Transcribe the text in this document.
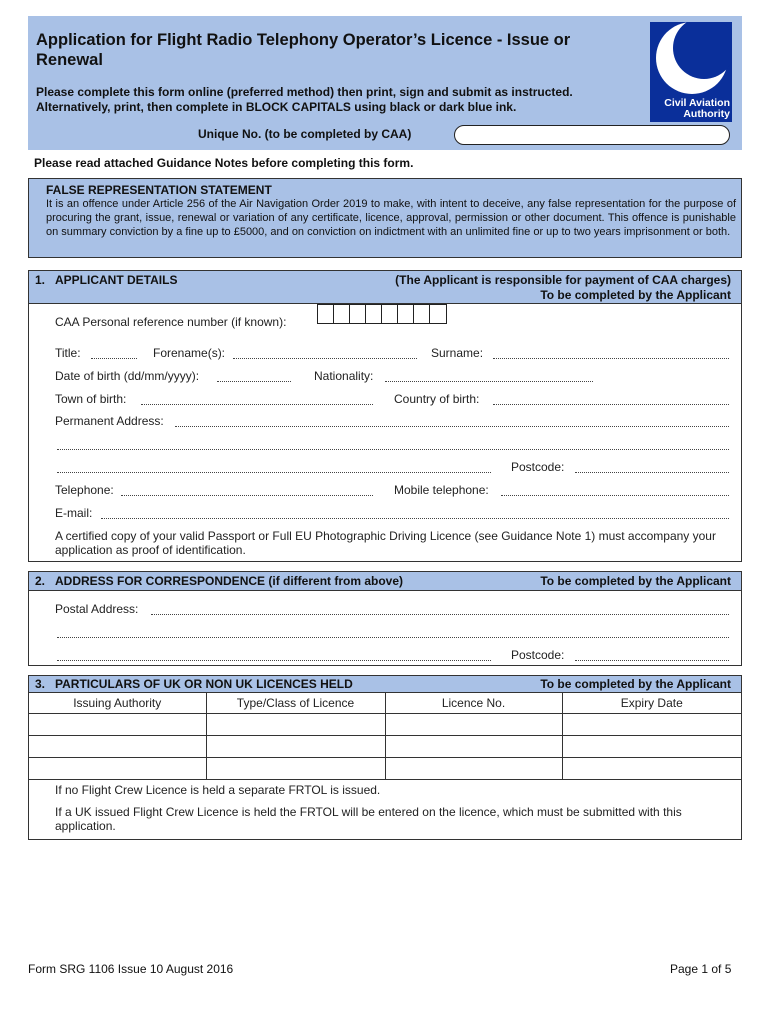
Application for Flight Radio Telephony Operator’s Licence - Issue or Renewal
Please complete this form online (preferred method) then print, sign and submit as instructed.
Alternatively, print, then complete in BLOCK CAPITALS using black or dark blue ink.
Unique No. (to be completed by CAA)
Civil Aviation
Authority
Please read attached Guidance Notes before completing this form.
FALSE REPRESENTATION STATEMENT
It is an offence under Article 256 of the Air Navigation Order 2019 to make, with intent to deceive, any false representation for the purpose of procuring the grant, issue, renewal or variation of any certificate, licence, approval, permission or other document. This offence is punishable on summary conviction by a fine up to £5000, and on conviction on indictment with an unlimited fine or up to two years imprisonment or both.
1. APPLICANT DETAILS	(The Applicant is responsible for payment of CAA charges)
To be completed by the Applicant
CAA Personal reference number (if known):
Title:	Forename(s):	Surname:
Date of birth (dd/mm/yyyy):	Nationality:
Town of birth:	Country of birth:
Permanent Address:
Postcode:
Telephone:	Mobile telephone:
E-mail:
A certified copy of your valid Passport or Full EU Photographic Driving Licence (see Guidance Note 1) must accompany your application as proof of identification.
2. ADDRESS FOR CORRESPONDENCE (if different from above)	To be completed by the Applicant
Postal Address:
Postcode:
3. PARTICULARS OF UK OR NON UK LICENCES HELD	To be completed by the Applicant
Issuing Authority	Type/Class of Licence	Licence No.	Expiry Date

If no Flight Crew Licence is held a separate FRTOL is issued.
If a UK issued Flight Crew Licence is held the FRTOL will be entered on the licence, which must be submitted with this application.
Form SRG 1106 Issue 10 August 2016	Page 1 of 5
